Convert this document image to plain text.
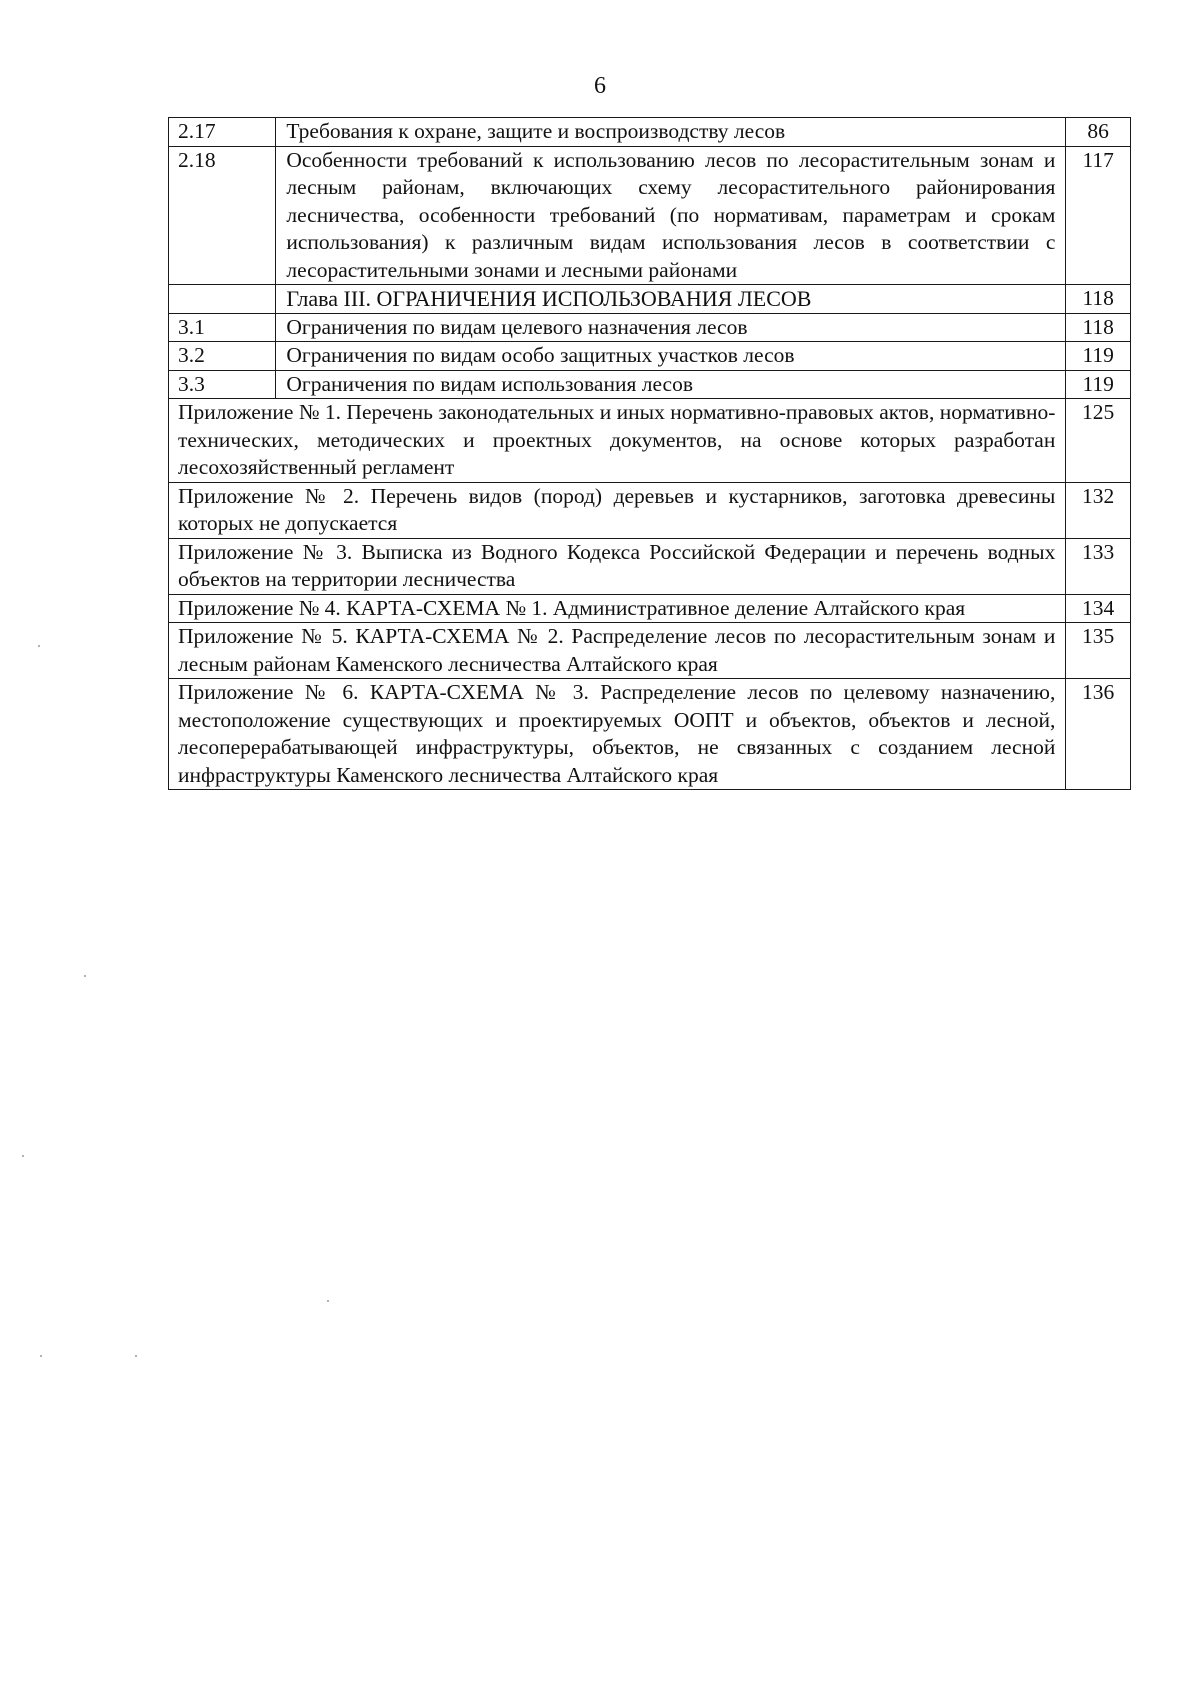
6
2.17	Требования к охране, защите и воспроизводству лесов	86
2.18	Особенности требований к использованию лесов по лесорастительным зонам и лесным районам, включающих схему лесорастительного районирования лесничества, особенности требований (по нормативам, параметрам и срокам использования) к различным видам использования лесов в соответствии с лесорастительными зонами и лесными районами	117
	Глава III. ОГРАНИЧЕНИЯ ИСПОЛЬЗОВАНИЯ ЛЕСОВ	118
3.1	Ограничения по видам целевого назначения лесов	118
3.2	Ограничения по видам особо защитных участков лесов	119
3.3	Ограничения по видам использования лесов	119
Приложение № 1. Перечень законодательных и иных нормативно-правовых актов, нормативно-технических, методических и проектных документов, на основе которых разработан лесохозяйственный регламент		125
Приложение № 2. Перечень видов (пород) деревьев и кустарников, заготовка древесины которых не допускается		132
Приложение № 3. Выписка из Водного Кодекса Российской Федерации и перечень водных объектов на территории лесничества		133
Приложение № 4. КАРТА-СХЕМА № 1. Административное деление Алтайского края		134
Приложение № 5. КАРТА-СХЕМА № 2. Распределение лесов по лесорастительным зонам и лесным районам Каменского лесничества Алтайского края		135
Приложение № 6. КАРТА-СХЕМА № 3. Распределение лесов по целевому назначению, местоположение существующих и проектируемых ООПТ и объектов, объектов и лесной, лесоперерабатывающей инфраструктуры, объектов, не связанных с созданием лесной инфраструктуры Каменского лесничества Алтайского края		136
